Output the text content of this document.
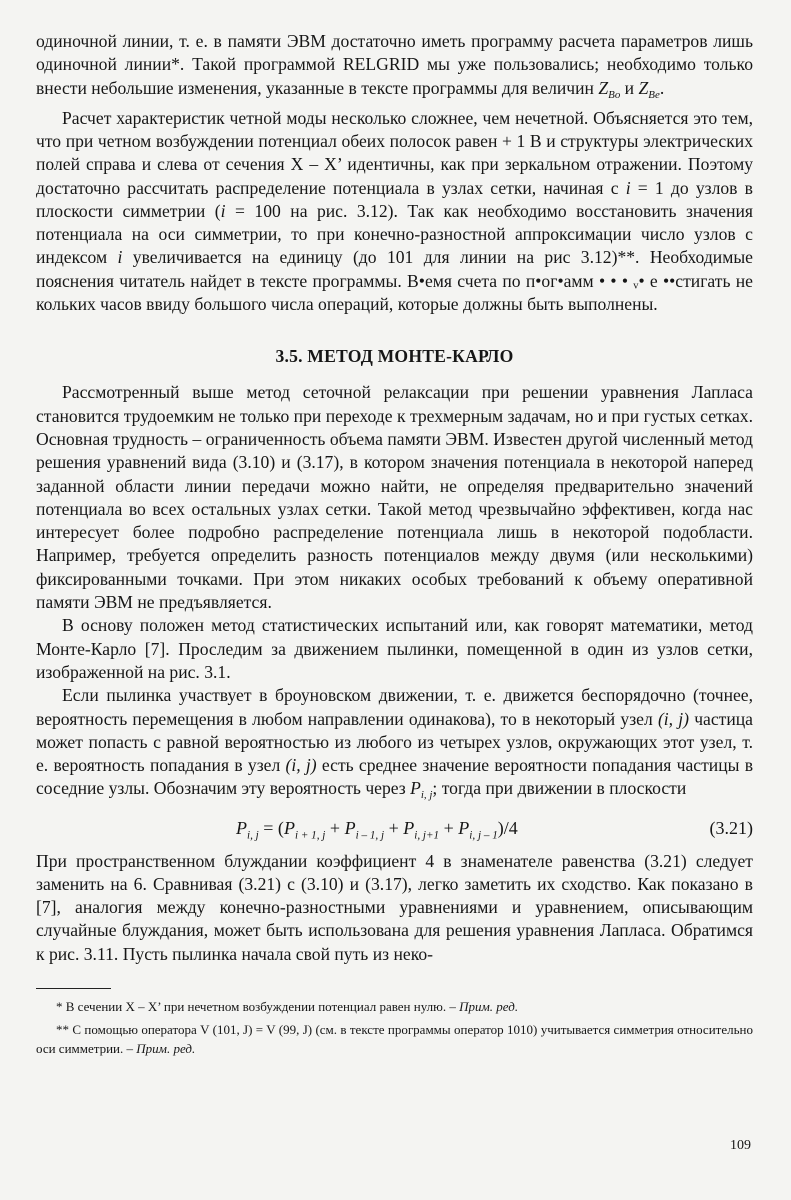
одиночной линии, т. е. в памяти ЭВМ достаточно иметь программу расчета параметров лишь одиночной линии*. Такой программой RELGRID мы уже пользовались; необходимо только внести небольшие изменения, указанные в тексте программы для величин $Z_{Bo}$ и $Z_{Be}$.

Расчет характеристик четной моды несколько сложнее, чем нечетной. Объясняется это тем, что при четном возбуждении потенциал обеих полосок равен + 1 В и структуры электрических полей справа и слева от сечения X – X’ идентичны, как при зеркальном отражении. Поэтому достаточно рассчитать распределение потенциала в узлах сетки, начиная с i = 1 до узлов в плоскости симметрии (i = 100 на рис. 3.12). Так как необходимо восстановить значения потенциала на оси симметрии, то при конечно-разностной аппроксимации число узлов с индексом i увеличивается на единицу (до 101 для линии на рис 3.12)**. Необходимые пояснения читатель найдет в тексте программы. В•емя счета по п•ог•амм • • • ᵥ• е ••стигать не кольких часов ввиду большого числа операций, которые должны быть выполнены.

3.5. МЕТОД МОНТЕ-КАРЛО

Рассмотренный выше метод сеточной релаксации при решении уравнения Лапласа становится трудоемким не только при переходе к трехмерным задачам, но и при густых сетках. Основная трудность – ограниченность объема памяти ЭВМ. Известен другой численный метод решения уравнений вида (3.10) и (3.17), в котором значения потенциала в некоторой наперед заданной области линии передачи можно найти, не определяя предварительно значений потенциала во всех остальных узлах сетки. Такой метод чрезвычайно эффективен, когда нас интересует более подробно распределение потенциала лишь в некоторой подобласти. Например, требуется определить разность потенциалов между двумя (или несколькими) фиксированными точками. При этом никаких особых требований к объему оперативной памяти ЭВМ не предъявляется.

В основу положен метод статистических испытаний или, как говорят математики, метод Монте-Карло [7]. Проследим за движением пылинки, помещенной в один из узлов сетки, изображенной на рис. 3.1.

Если пылинка участвует в броуновском движении, т. е. движется беспорядочно (точнее, вероятность перемещения в любом направлении одинакова), то в некоторый узел (i, j) частица может попасть с равной вероятностью из любого из четырех узлов, окружающих этот узел, т. е. вероятность попадания в узел (i, j) есть среднее значение вероятности попадания частицы в соседние узлы. Обозначим эту вероятность через $P_{i, j}$; тогда при движении в плоскости

$P_{i, j} = (P_{i + 1, j} + P_{i - 1, j} + P_{i, j+1} + P_{i, j - 1})/4$	(3.21)

При пространственном блуждании коэффициент 4 в знаменателе равенства (3.21) следует заменить на 6. Сравнивая (3.21) с (3.10) и (3.17), легко заметить их сходство. Как показано в [7], аналогия между конечно-разностными уравнениями и уравнением, описывающим случайные блуждания, может быть использована для решения уравнения Лапласа. Обратимся к рис. 3.11. Пусть пылинка начала свой путь из неко-

* В сечении X – X’ при нечетном возбуждении потенциал равен нулю. – Прим. ред.

** С помощью оператора V (101, J) = V (99, J) (см. в тексте программы оператор 1010) учитывается симметрия относительно оси симметрии. – Прим. ред.

109
